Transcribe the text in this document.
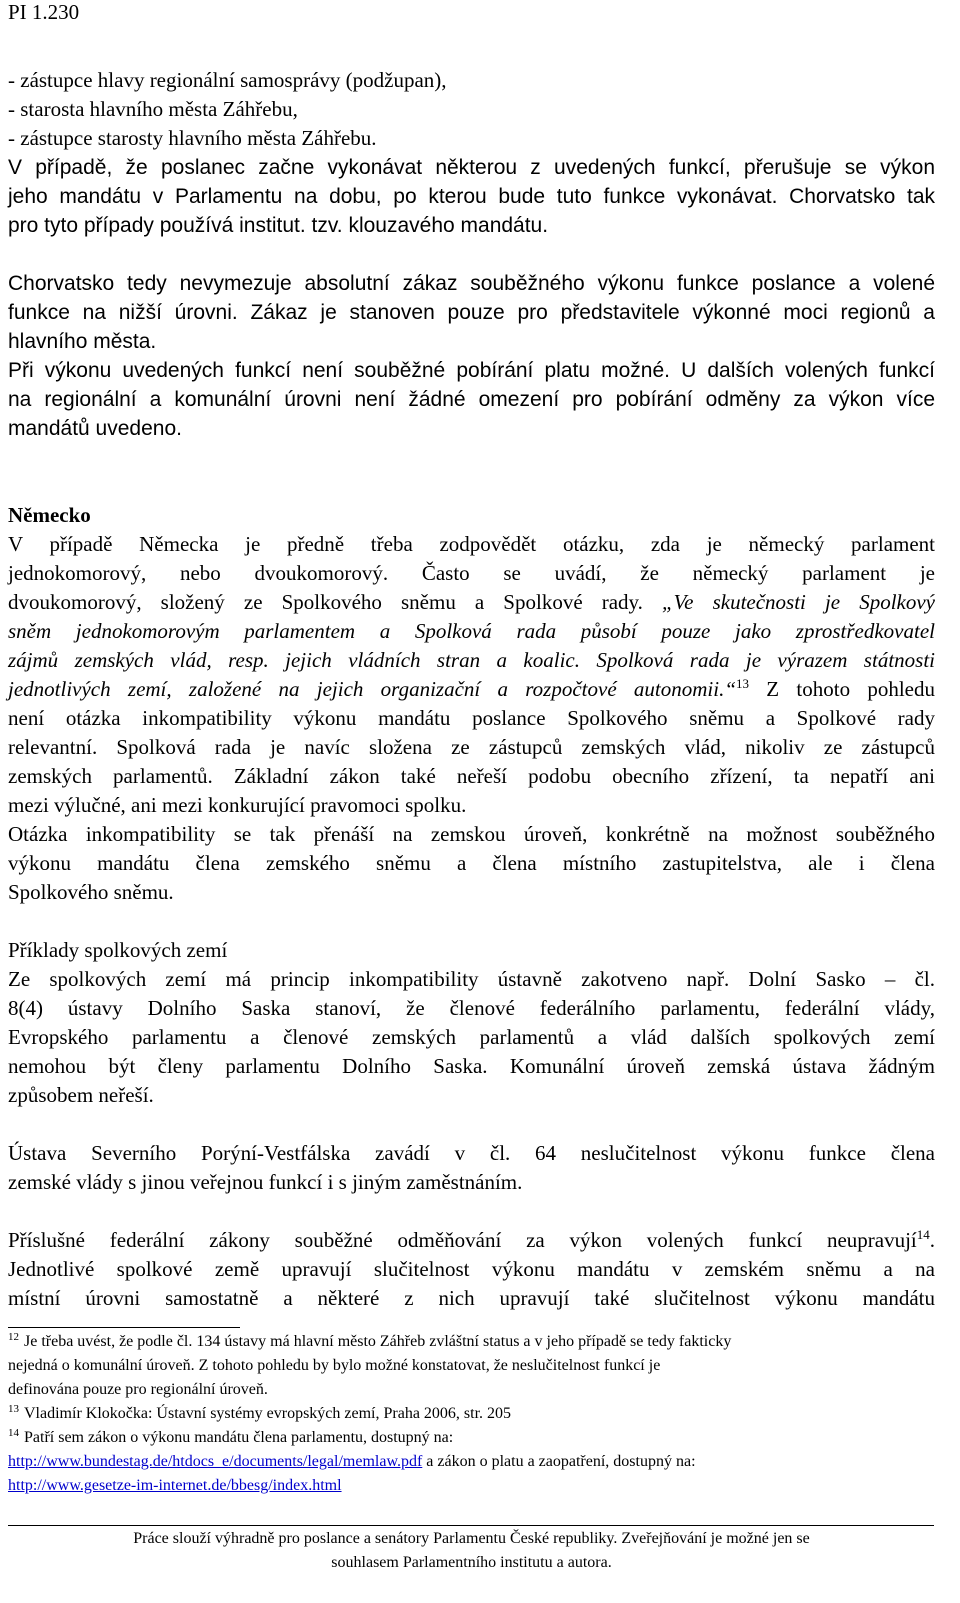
PI 1.230
- zástupce hlavy regionální samosprávy (podžupan),
- starosta hlavního města Záhřebu,
- zástupce starosty hlavního města Záhřebu.
V případě, že poslanec začne vykonávat některou z uvedených funkcí, přerušuje se výkon
jeho mandátu v Parlamentu na dobu, po kterou bude tuto funkce vykonávat. Chorvatsko tak
pro tyto případy používá institut. tzv. klouzavého mandátu.
Chorvatsko tedy nevymezuje absolutní zákaz souběžného výkonu funkce poslance a volené
funkce na nižší úrovni. Zákaz je stanoven pouze pro představitele výkonné moci regionů a
hlavního města.
Při výkonu uvedených funkcí není souběžné pobírání platu možné. U dalších volených funkcí
na regionální a komunální úrovni není žádné omezení pro pobírání odměny za výkon více
mandátů uvedeno.
Německo
V případě Německa je předně třeba zodpovědět otázku, zda je německý parlament
jednokomorový, nebo dvoukomorový. Často se uvádí, že německý parlament je
dvoukomorový, složený ze Spolkového sněmu a Spolkové rady. „Ve skutečnosti je Spolkový
sněm jednokomorovým parlamentem a Spolková rada působí pouze jako zprostředkovatel
zájmů zemských vlád, resp. jejich vládních stran a koalic. Spolková rada je výrazem státnosti
jednotlivých zemí, založené na jejich organizační a rozpočtové autonomii.“$^{13}$ Z tohoto pohledu
není otázka inkompatibility výkonu mandátu poslance Spolkového sněmu a Spolkové rady
relevantní. Spolková rada je navíc složena ze zástupců zemských vlád, nikoliv ze zástupců
zemských parlamentů. Základní zákon také neřeší podobu obecního zřízení, ta nepatří ani
mezi výlučné, ani mezi konkurující pravomoci spolku.
Otázka inkompatibility se tak přenáší na zemskou úroveň, konkrétně na možnost souběžného
výkonu mandátu člena zemského sněmu a člena místního zastupitelstva, ale i člena
Spolkového sněmu.
Příklady spolkových zemí
Ze spolkových zemí má princip inkompatibility ústavně zakotveno např. Dolní Sasko – čl.
8(4) ústavy Dolního Saska stanoví, že členové federálního parlamentu, federální vlády,
Evropského parlamentu a členové zemských parlamentů a vlád dalších spolkových zemí
nemohou být členy parlamentu Dolního Saska. Komunální úroveň zemská ústava žádným
způsobem neřeší.
Ústava Severního Porýní-Vestfálska zavádí v čl. 64 neslučitelnost výkonu funkce člena
zemské vlády s jinou veřejnou funkcí i s jiným zaměstnáním.
Příslušné federální zákony souběžné odměňování za výkon volených funkcí neupravují$^{14}$.
Jednotlivé spolkové země upravují slučitelnost výkonu mandátu v zemském sněmu a na
místní úrovni samostatně a některé z nich upravují také slučitelnost výkonu mandátu
$^{12}$ Je třeba uvést, že podle čl. 134 ústavy má hlavní město Záhřeb zvláštní status a v jeho případě se tedy fakticky
nejedná o komunální úroveň. Z tohoto pohledu by bylo možné konstatovat, že neslučitelnost funkcí je
definována pouze pro regionální úroveň.
$^{13}$ Vladimír Klokočka: Ústavní systémy evropských zemí, Praha 2006, str. 205
$^{14}$ Patří sem zákon o výkonu mandátu člena parlamentu, dostupný na:
http://www.bundestag.de/htdocs_e/documents/legal/memlaw.pdf a zákon o platu a zaopatření, dostupný na:
http://www.gesetze-im-internet.de/bbesg/index.html
Práce slouží výhradně pro poslance a senátory Parlamentu České republiky. Zveřejňování je možné jen se
souhlasem Parlamentního institutu a autora.
